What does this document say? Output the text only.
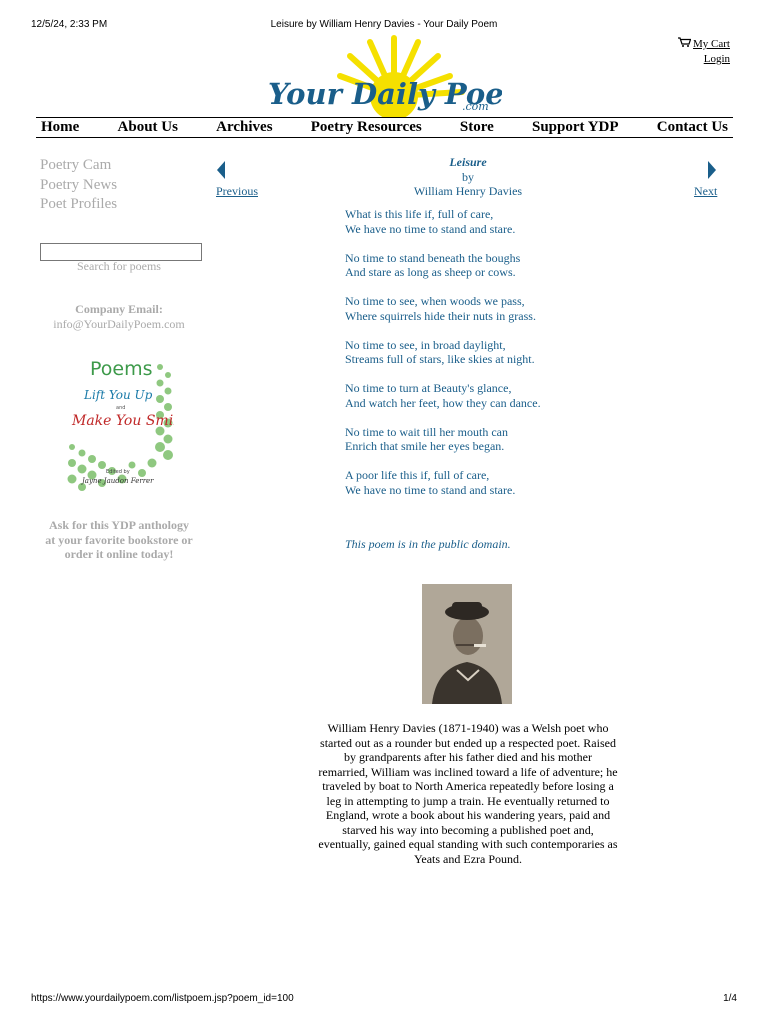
12/5/24, 2:33 PM	Leisure by William Henry Davies - Your Daily Poem
My Cart
Login
Your Daily Poe
.com
Home	About Us	Archives	Poetry Resources	Store	Support YDP	Contact Us
Poetry Cam
Poetry News
Poet Profiles
Search for poems
Company Email:
info@YourDailyPoem.com
Poems
Lift You Up
and
Make You Smi
Edited by
Jayne Jaudon Ferrer
Ask for this YDP anthology
at your favorite bookstore or
order it online today!
Previous	Next
Leisure
by
William Henry Davies
What is this life if, full of care,
We have no time to stand and stare.
No time to stand beneath the boughs
And stare as long as sheep or cows.
No time to see, when woods we pass,
Where squirrels hide their nuts in grass.
No time to see, in broad daylight,
Streams full of stars, like skies at night.
No time to turn at Beauty's glance,
And watch her feet, how they can dance.
No time to wait till her mouth can
Enrich that smile her eyes began.
A poor life this if, full of care,
We have no time to stand and stare.
This poem is in the public domain.
William Henry Davies (1871-1940) was a Welsh poet who started out as a rounder but ended up a respected poet. Raised by grandparents after his father died and his mother remarried, William was inclined toward a life of adventure; he traveled by boat to North America repeatedly before losing a leg in attempting to jump a train. He eventually returned to England, wrote a book about his wandering years, paid and starved his way into becoming a published poet and, eventually, gained equal standing with such contemporaries as Yeats and Ezra Pound.
https://www.yourdailypoem.com/listpoem.jsp?poem_id=100	1/4
